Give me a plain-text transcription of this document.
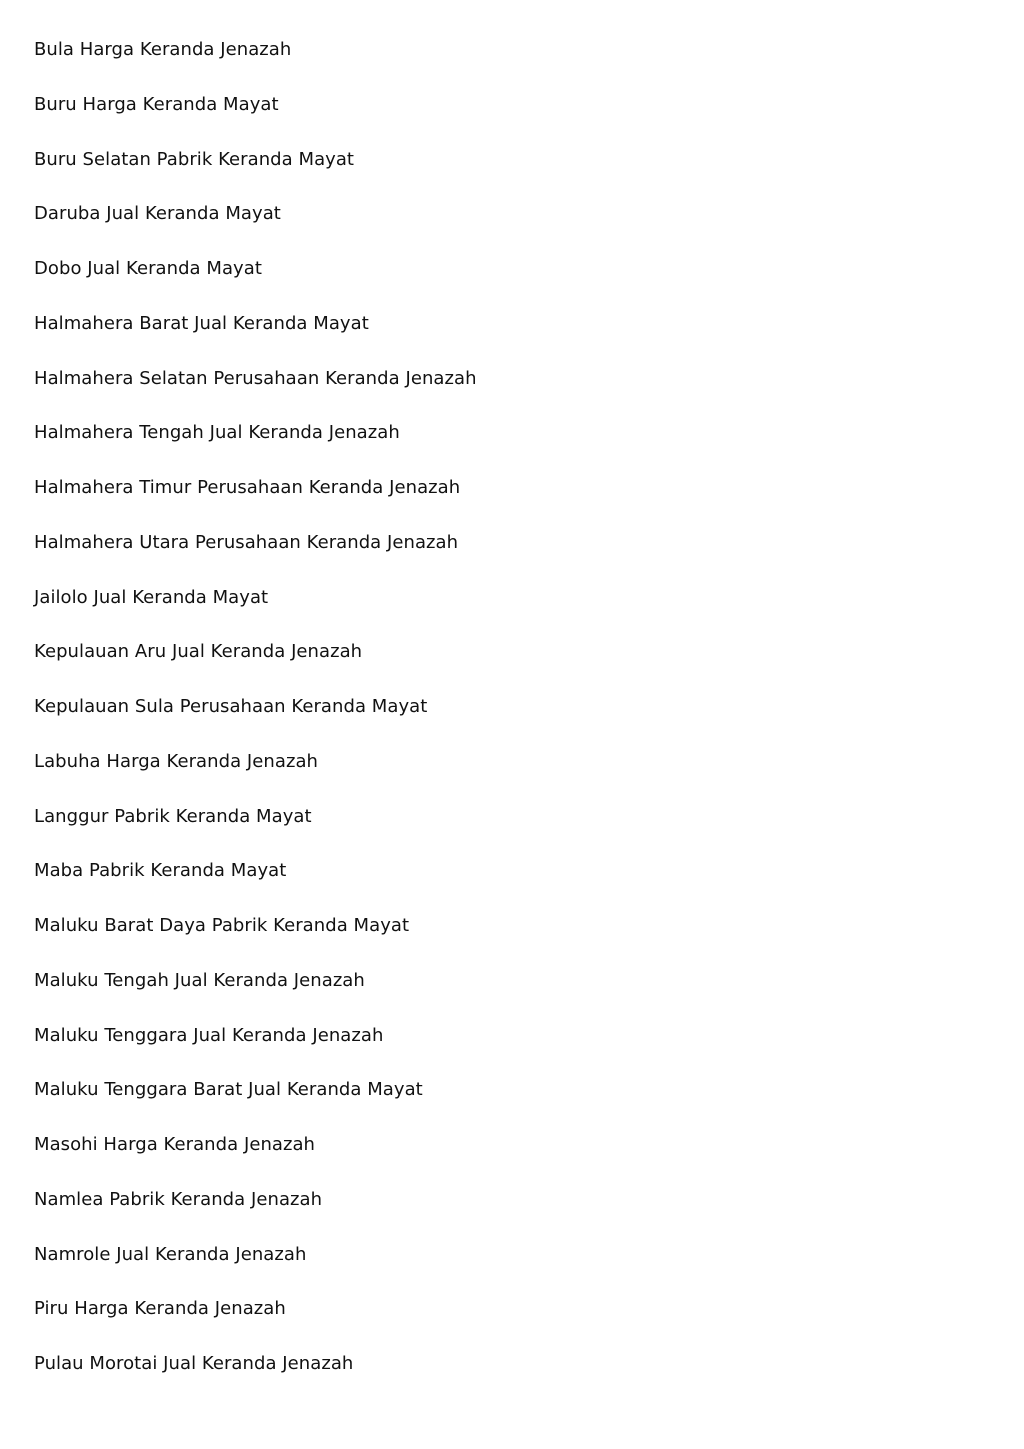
Bula Harga Keranda Jenazah
Buru Harga Keranda Mayat
Buru Selatan Pabrik Keranda Mayat
Daruba Jual Keranda Mayat
Dobo Jual Keranda Mayat
Halmahera Barat Jual Keranda Mayat
Halmahera Selatan Perusahaan Keranda Jenazah
Halmahera Tengah Jual Keranda Jenazah
Halmahera Timur Perusahaan Keranda Jenazah
Halmahera Utara Perusahaan Keranda Jenazah
Jailolo Jual Keranda Mayat
Kepulauan Aru Jual Keranda Jenazah
Kepulauan Sula Perusahaan Keranda Mayat
Labuha Harga Keranda Jenazah
Langgur Pabrik Keranda Mayat
Maba Pabrik Keranda Mayat
Maluku Barat Daya Pabrik Keranda Mayat
Maluku Tengah Jual Keranda Jenazah
Maluku Tenggara Jual Keranda Jenazah
Maluku Tenggara Barat Jual Keranda Mayat
Masohi Harga Keranda Jenazah
Namlea Pabrik Keranda Jenazah
Namrole Jual Keranda Jenazah
Piru Harga Keranda Jenazah
Pulau Morotai Jual Keranda Jenazah
